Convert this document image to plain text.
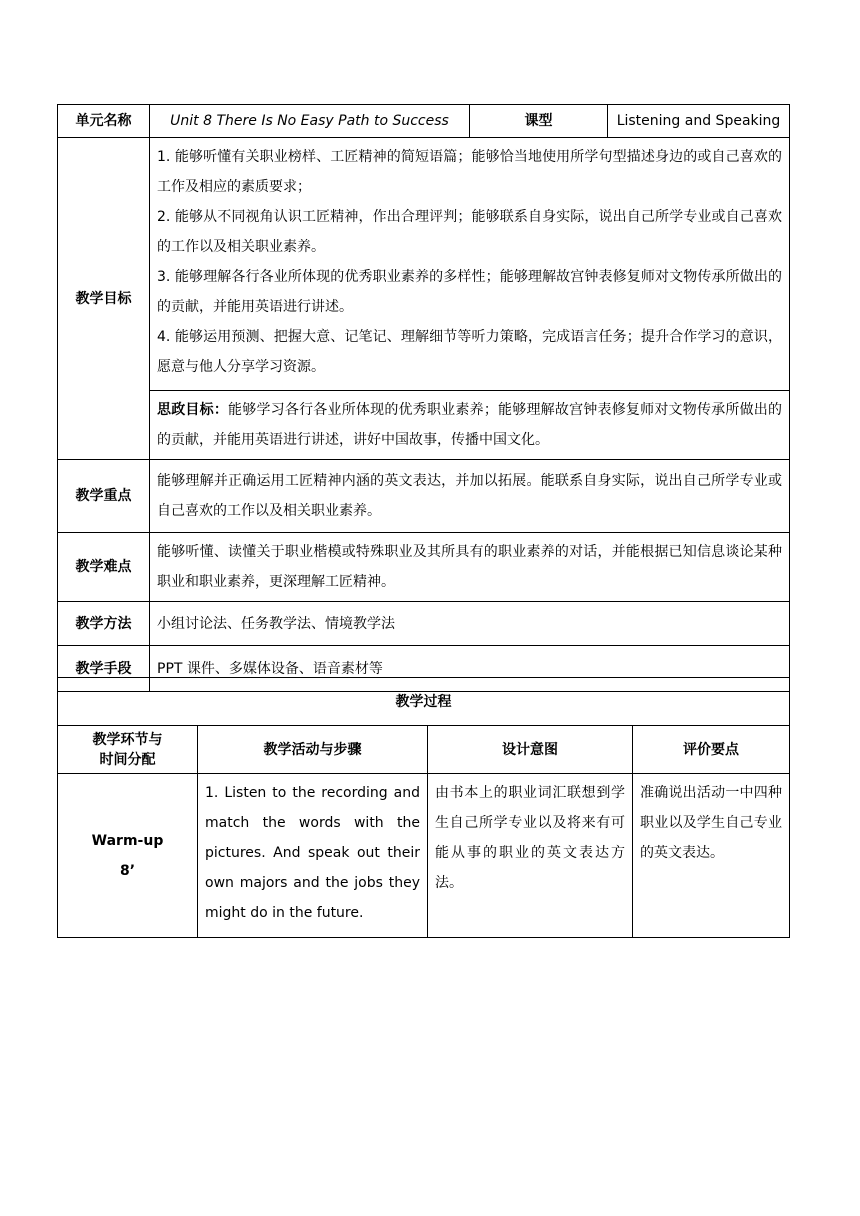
单元名称	Unit 8 There Is No Easy Path to Success	课型	Listening and Speaking
教学目标	1. 能够听懂有关职业榜样、工匠精神的简短语篇；能够恰当地使用所学句型描述身边的或自己喜欢的工作及相应的素质要求；

2. 能够从不同视角认识工匠精神，作出合理评判；能够联系自身实际，说出自己所学专业或自己喜欢的工作以及相关职业素养。

3. 能够理解各行各业所体现的优秀职业素养的多样性；能够理解故宫钟表修复师对文物传承所做出的的贡献，并能用英语进行讲述。

4. 能够运用预测、把握大意、记笔记、理解细节等听力策略，完成语言任务；提升合作学习的意识，愿意与他人分享学习资源。		

	思政目标：能够学习各行各业所体现的优秀职业素养；能够理解故宫钟表修复师对文物传承所做出的的贡献，并能用英语进行讲述，讲好中国故事，传播中国文化。		
教学重点	能够理解并正确运用工匠精神内涵的英文表达，并加以拓展。能联系自身实际，说出自己所学专业或自己喜欢的工作以及相关职业素养。		
教学难点	能够听懂、读懂关于职业楷模或特殊职业及其所具有的职业素养的对话，并能根据已知信息谈论某种职业和职业素养，更深理解工匠精神。		
教学方法	小组讨论法、任务教学法、情境教学法		
教学手段	PPT 课件、多媒体设备、语音素材等		
教学过程			

教学环节与
时间分配	教学活动与步骤	设计意图	评价要点

Warm-up
8’	1. Listen to the recording and match the words with the pictures. And speak out their own majors and the jobs they might do in the future.	由书本上的职业词汇联想到学生自己所学专业以及将来有可能从事的职业的英文表达方法。	准确说出活动一中四种职业以及学生自己专业的英文表达。
